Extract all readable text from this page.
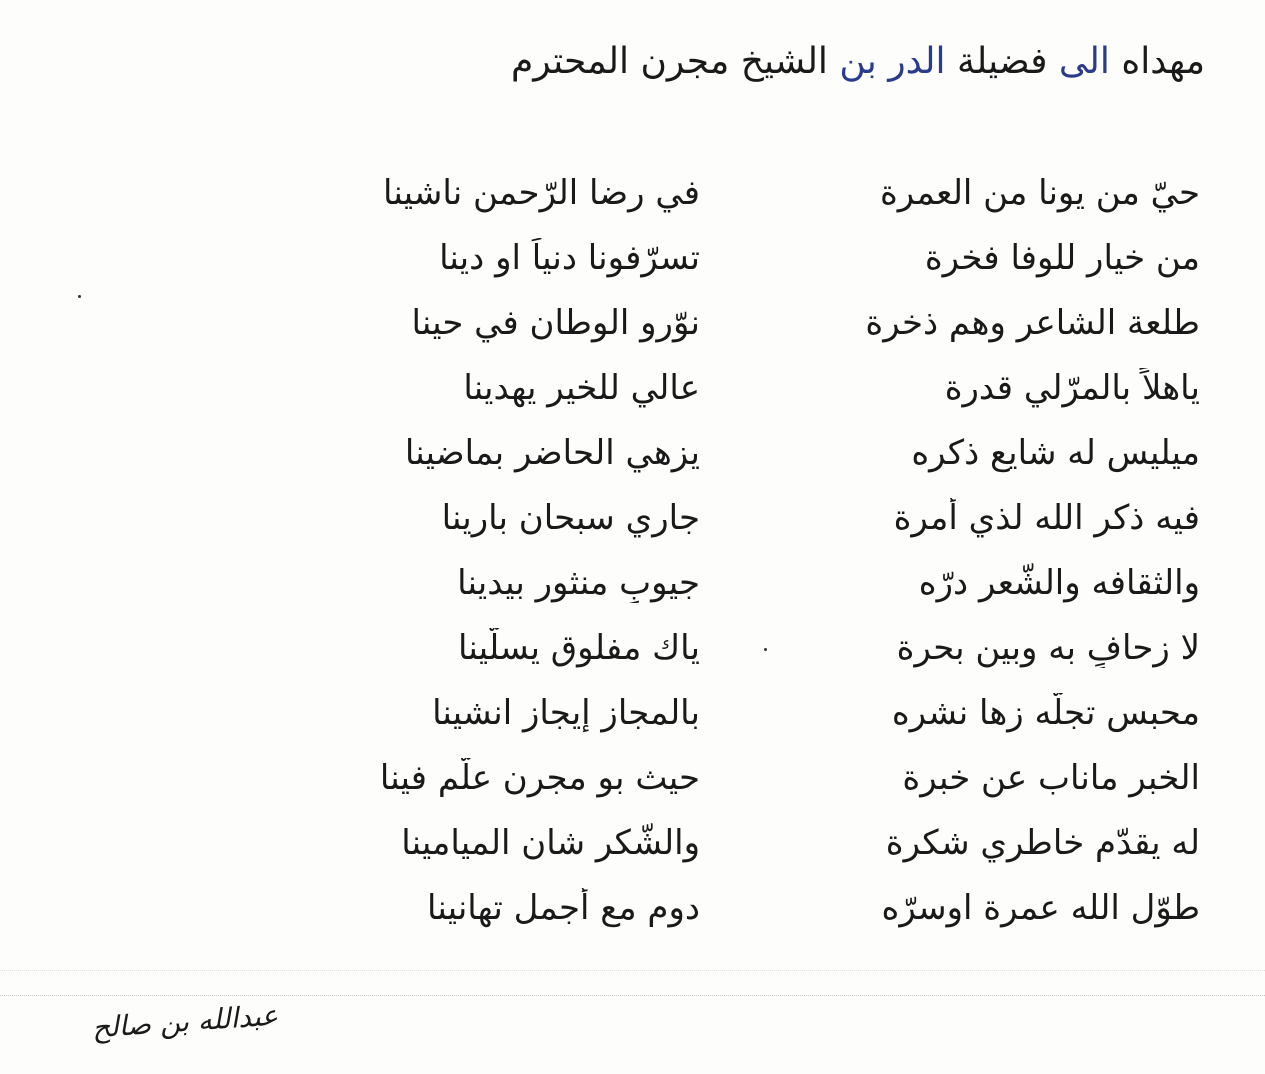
مهداه الى فضيلة الدر بن الشيخ مجرن المحترم
حيّ من يونا من العمرة
في رضا الرّحمن ناشينا
من خيارٍ للوفا فخرة
تسرّفونا دنياً او دينا
طلعة الشاعر وهم ذخرة
نوّرو الوطان في حينا
ياهلاً بالمرّلي قدرة
عالي للخير يهدينا
ميليس له شايع ذكره
يزهي الحاضر بماضينا
فيه ذكر الله لذي أمرة
جاري سبحان بارينا
والثقافه والشّعر درّه
جيوبٍ منثور بيدينا
لا زحافٍ به وبين بحرة
ياك مفلوقٍ يسلّينا
محبسٍ تجلّه زها نشره
بالمجاز إيجاز انشينا
الخبر ماناب عن خبرة
حيث بو مجرن علّم فينا
له يقدّم خاطري شكرة
والشّكر شان الميامينا
طوّل الله عمرة اوسرّه
دوم مع أجمل تهانينا
عبدالله بن صالح
